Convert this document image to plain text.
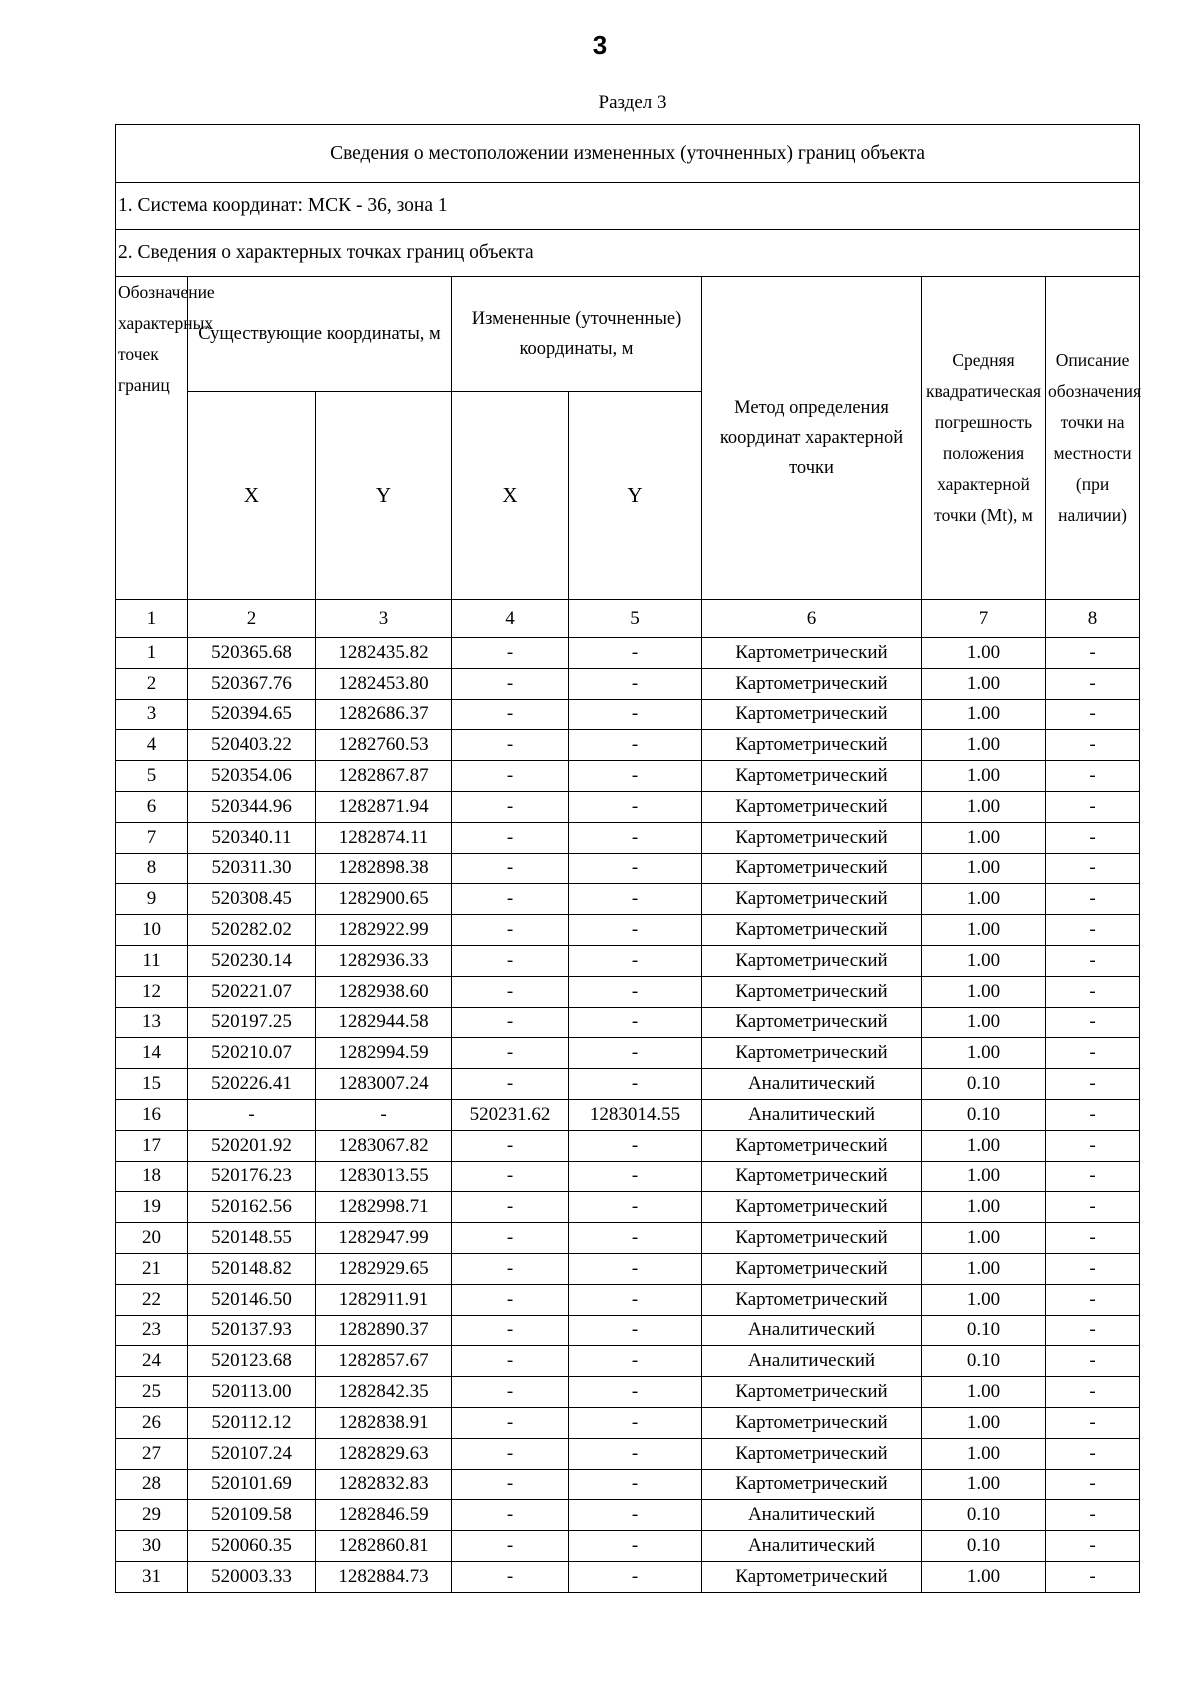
3
Раздел 3
Сведения о местоположении измененных (уточненных) границ объекта							
1. Система координат: МСК - 36, зона 1							
2. Сведения о характерных точках границ объекта							
Обозначение характерных точек границ	Существующие координаты, м		Измененные (уточненные) координаты, м		Метод определения координат характерной точки	Средняя квадратическая погрешность положения характерной точки (Mt), м	Описание обозначения точки на местности (при наличии)
	X	Y	X	Y			
1	2	3	4	5	6	7	8
1	520365.68	1282435.82	-	-	Картометрический	1.00	-
2	520367.76	1282453.80	-	-	Картометрический	1.00	-
3	520394.65	1282686.37	-	-	Картометрический	1.00	-
4	520403.22	1282760.53	-	-	Картометрический	1.00	-
5	520354.06	1282867.87	-	-	Картометрический	1.00	-
6	520344.96	1282871.94	-	-	Картометрический	1.00	-
7	520340.11	1282874.11	-	-	Картометрический	1.00	-
8	520311.30	1282898.38	-	-	Картометрический	1.00	-
9	520308.45	1282900.65	-	-	Картометрический	1.00	-
10	520282.02	1282922.99	-	-	Картометрический	1.00	-
11	520230.14	1282936.33	-	-	Картометрический	1.00	-
12	520221.07	1282938.60	-	-	Картометрический	1.00	-
13	520197.25	1282944.58	-	-	Картометрический	1.00	-
14	520210.07	1282994.59	-	-	Картометрический	1.00	-
15	520226.41	1283007.24	-	-	Аналитический	0.10	-
16	-	-	520231.62	1283014.55	Аналитический	0.10	-
17	520201.92	1283067.82	-	-	Картометрический	1.00	-
18	520176.23	1283013.55	-	-	Картометрический	1.00	-
19	520162.56	1282998.71	-	-	Картометрический	1.00	-
20	520148.55	1282947.99	-	-	Картометрический	1.00	-
21	520148.82	1282929.65	-	-	Картометрический	1.00	-
22	520146.50	1282911.91	-	-	Картометрический	1.00	-
23	520137.93	1282890.37	-	-	Аналитический	0.10	-
24	520123.68	1282857.67	-	-	Аналитический	0.10	-
25	520113.00	1282842.35	-	-	Картометрический	1.00	-
26	520112.12	1282838.91	-	-	Картометрический	1.00	-
27	520107.24	1282829.63	-	-	Картометрический	1.00	-
28	520101.69	1282832.83	-	-	Картометрический	1.00	-
29	520109.58	1282846.59	-	-	Аналитический	0.10	-
30	520060.35	1282860.81	-	-	Аналитический	0.10	-
31	520003.33	1282884.73	-	-	Картометрический	1.00	-
